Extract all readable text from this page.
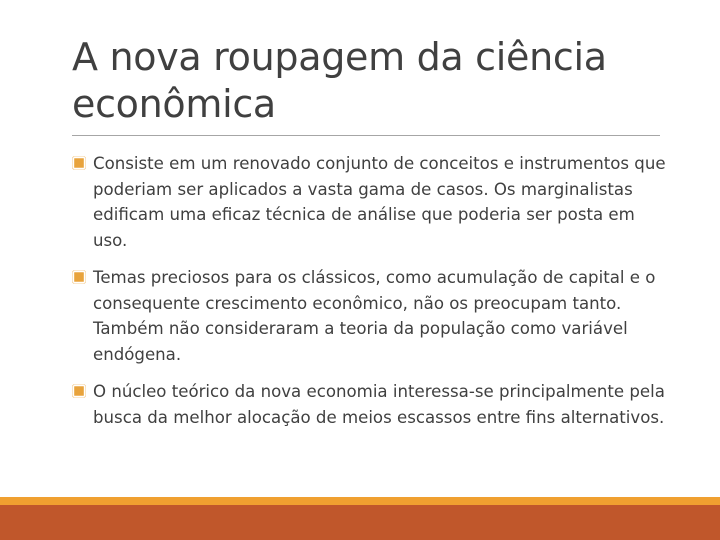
A nova roupagem da ciência
econômica
Consiste em um renovado conjunto de conceitos e instrumentos que poderiam ser aplicados a vasta gama de casos. Os marginalistas edificam uma eficaz técnica de análise que poderia ser posta em uso.
Temas preciosos para os clássicos, como acumulação de capital e o consequente crescimento econômico, não os preocupam tanto. Também não consideraram a teoria da população como variável endógena.
O núcleo teórico da nova economia interessa-se principalmente pela busca da melhor alocação de meios escassos entre fins alternativos.
